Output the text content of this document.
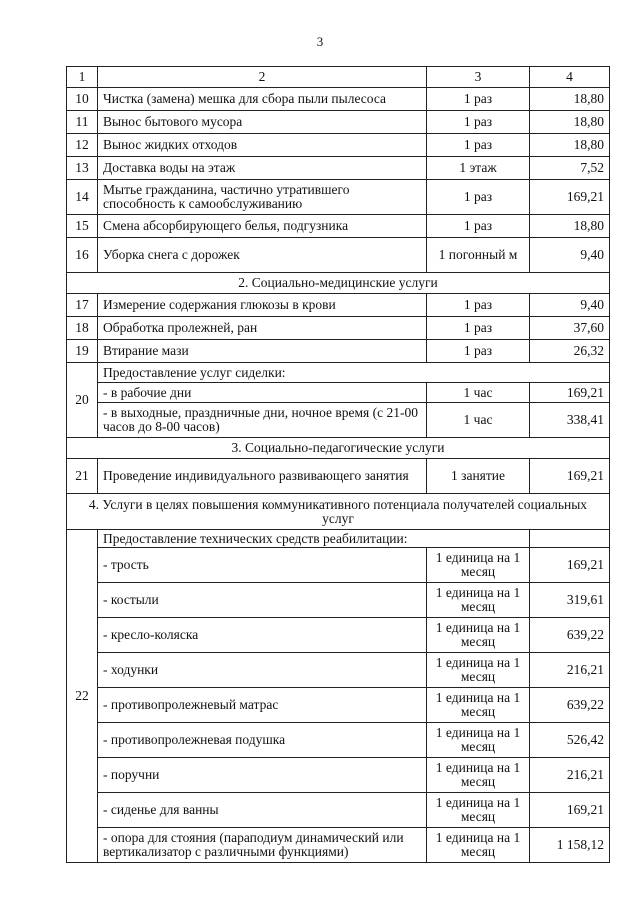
3
1	2	3	4
10	Чистка (замена) мешка для сбора пыли пылесоса	1 раз	18,80
11	Вынос бытового мусора	1 раз	18,80
12	Вынос жидких отходов	1 раз	18,80
13	Доставка воды на этаж	1 этаж	7,52
14	Мытье гражданина, частично утратившего способность к самообслуживанию	1 раз	169,21
15	Смена абсорбирующего белья, подгузника	1 раз	18,80
16	Уборка снега с дорожек	1 погонный м	9,40
2. Социально-медицинские услуги			
17	Измерение содержания глюкозы в крови	1 раз	9,40
18	Обработка пролежней, ран	1 раз	37,60
19	Втирание мази	1 раз	26,32
20	Предоставление услуг сиделки:		
	- в рабочие дни	1 час	169,21
	- в выходные, праздничные дни, ночное время (с 21-00 часов до 8-00 часов)	1 час	338,41
3. Социально-педагогические услуги			
21	Проведение индивидуального развивающего занятия	1 занятие	169,21
4. Услуги в целях повышения коммуникативного потенциала получателей социальных услуг			
22	Предоставление технических средств реабилитации:		
	- трость	1 единица на 1 месяц	169,21
	- костыли	1 единица на 1 месяц	319,61
	- кресло-коляска	1 единица на 1 месяц	639,22
	- ходунки	1 единица на 1 месяц	216,21
	- противопролежневый матрас	1 единица на 1 месяц	639,22
	- противопролежневая подушка	1 единица на 1 месяц	526,42
	- поручни	1 единица на 1 месяц	216,21
	- сиденье для ванны	1 единица на 1 месяц	169,21
	- опора для стояния (параподиум динамический или вертикализатор с различными функциями)	1 единица на 1 месяц	1 158,12
